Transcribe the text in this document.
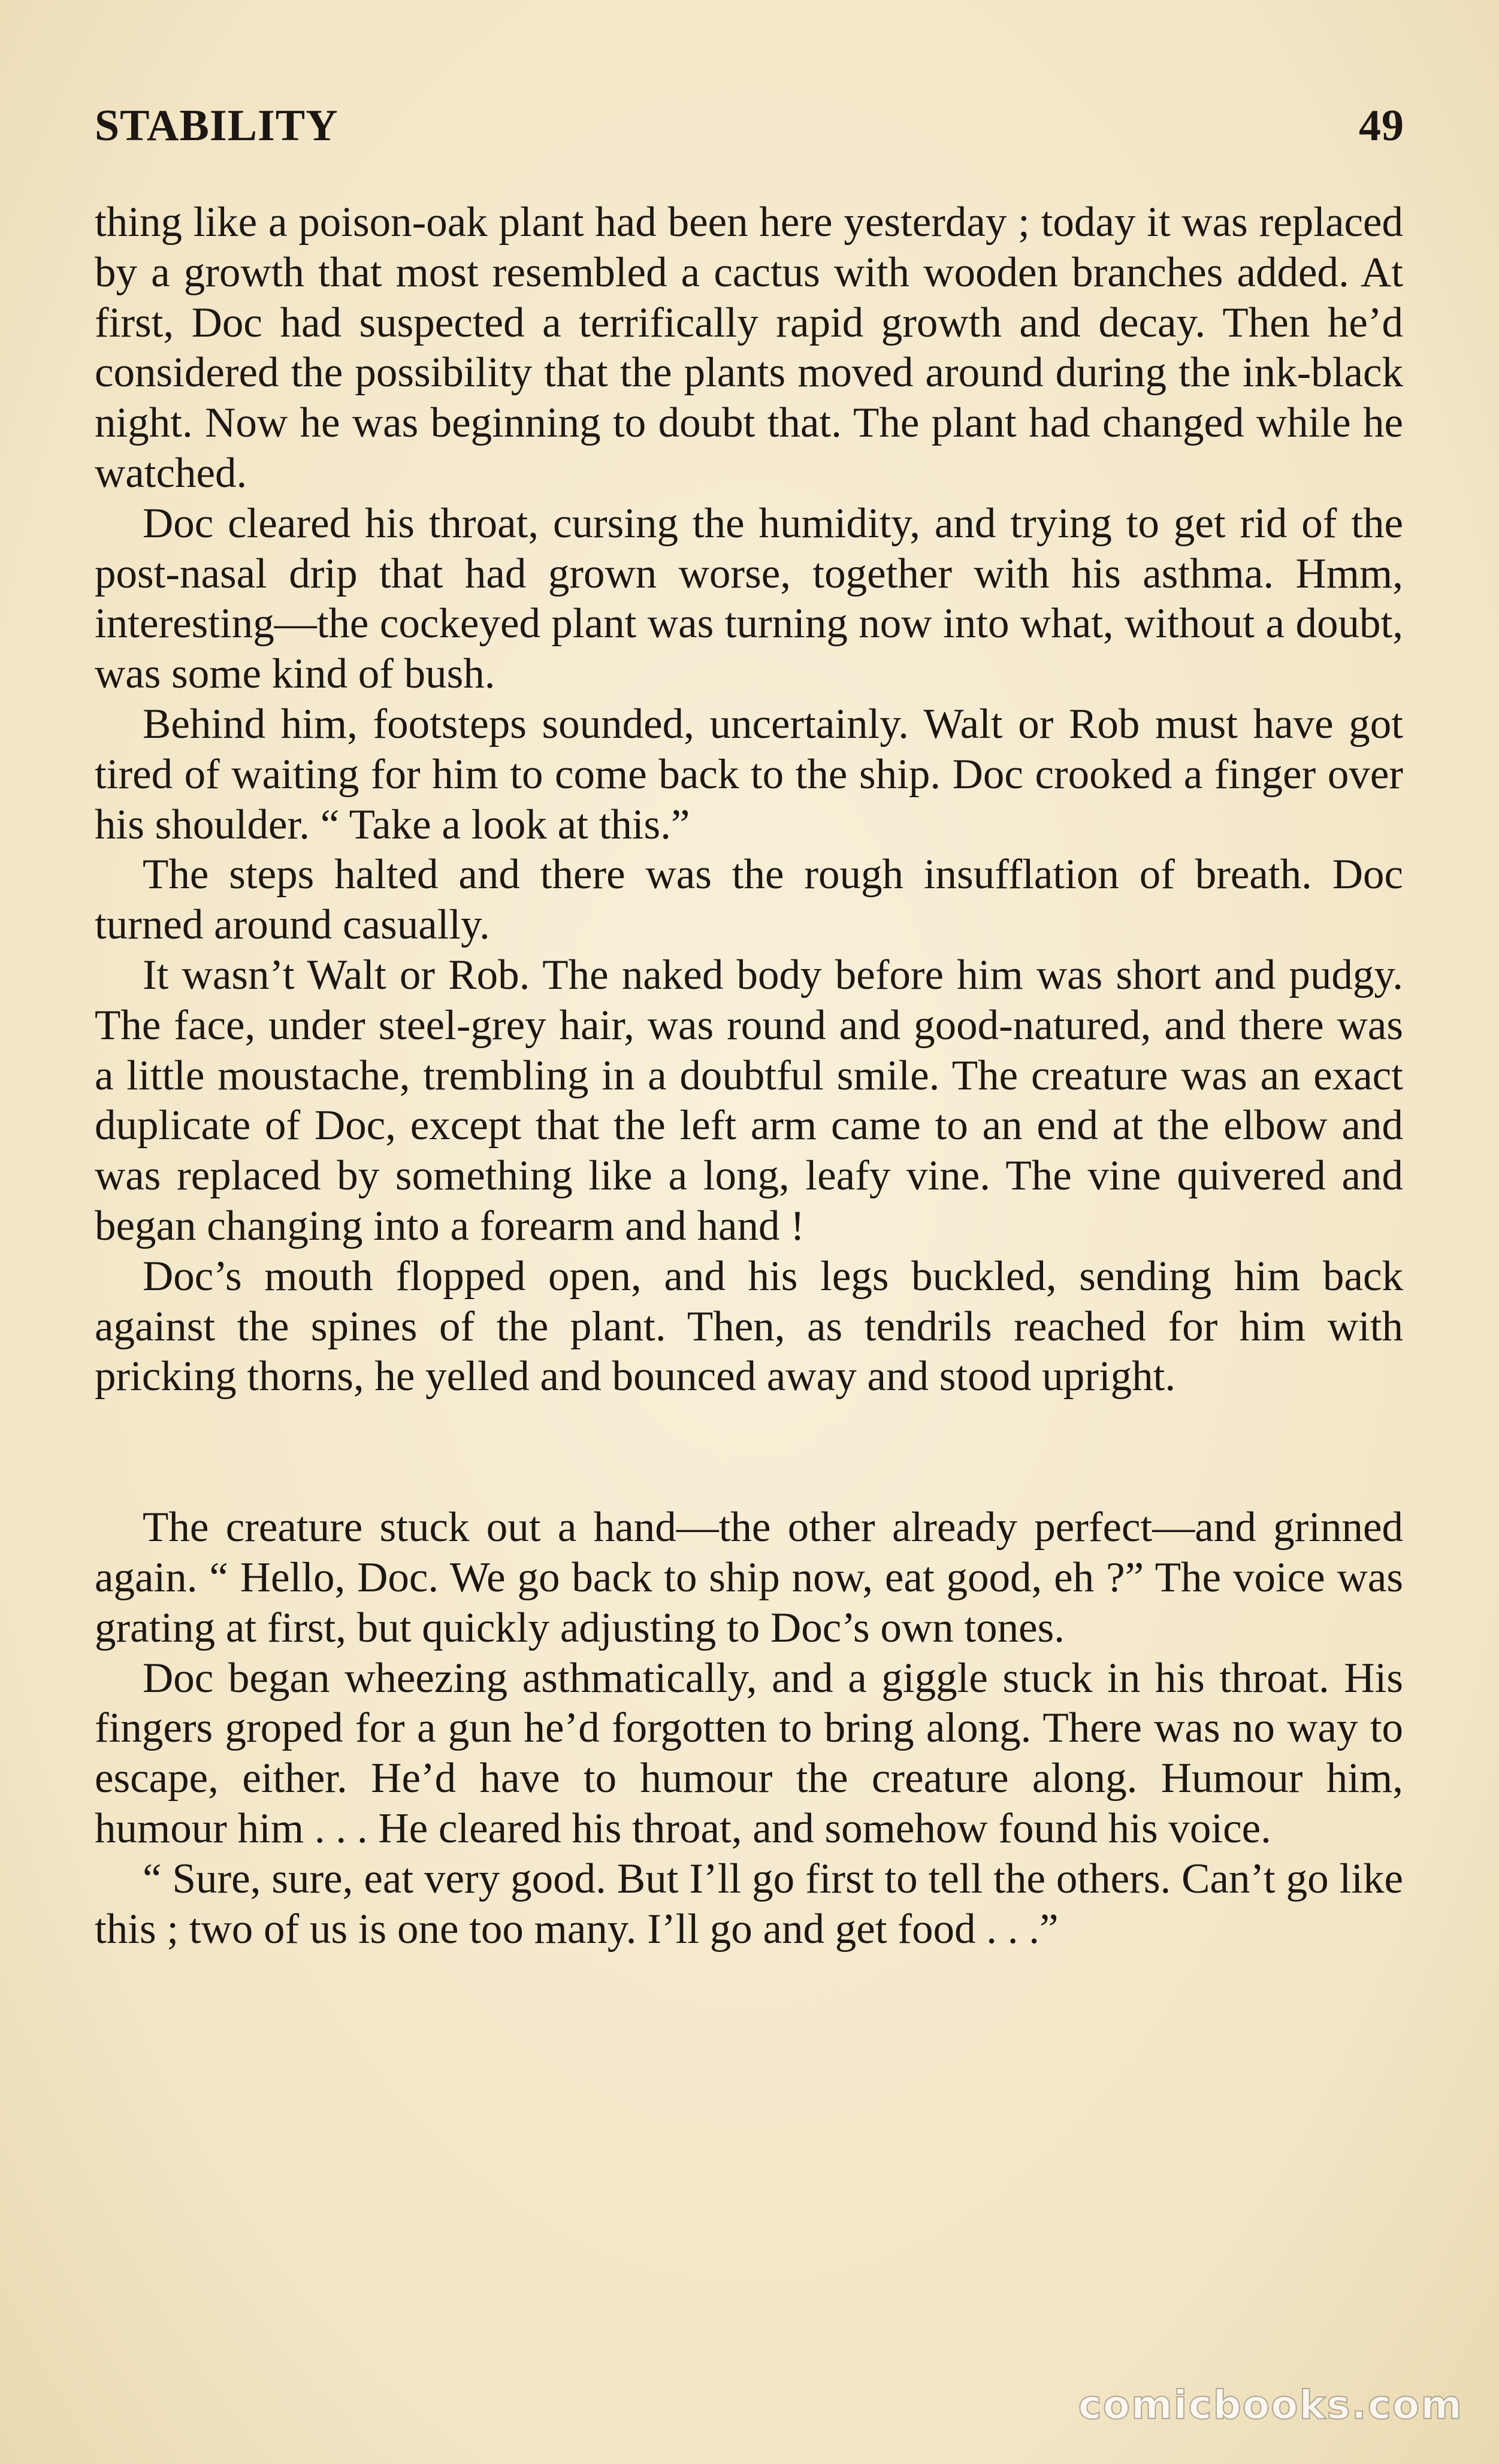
STABILITY	49

thing like a poison-oak plant had been here yesterday ; today it was replaced by a growth that most resembled a cactus with wooden branches added. At first, Doc had suspected a terrifically rapid growth and decay. Then he’d considered the possibility that the plants moved around during the ink-black night. Now he was beginning to doubt that. The plant had changed while he watched.

Doc cleared his throat, cursing the humidity, and trying to get rid of the post-nasal drip that had grown worse, together with his asthma. Hmm, interesting—the cockeyed plant was turning now into what, without a doubt, was some kind of bush.

Behind him, footsteps sounded, uncertainly. Walt or Rob must have got tired of waiting for him to come back to the ship. Doc crooked a finger over his shoulder. “ Take a look at this.”

The steps halted and there was the rough insufflation of breath. Doc turned around casually.

It wasn’t Walt or Rob. The naked body before him was short and pudgy. The face, under steel-grey hair, was round and good-natured, and there was a little moustache, trembling in a doubtful smile. The creature was an exact duplicate of Doc, except that the left arm came to an end at the elbow and was replaced by something like a long, leafy vine. The vine quivered and began changing into a forearm and hand !

Doc’s mouth flopped open, and his legs buckled, sending him back against the spines of the plant. Then, as tendrils reached for him with pricking thorns, he yelled and bounced away and stood upright.

The creature stuck out a hand—the other already perfect—and grinned again. “ Hello, Doc. We go back to ship now, eat good, eh ?” The voice was grating at first, but quickly adjusting to Doc’s own tones.

Doc began wheezing asthmatically, and a giggle stuck in his throat. His fingers groped for a gun he’d forgotten to bring along. There was no way to escape, either. He’d have to humour the creature along. Humour him, humour him . . . He cleared his throat, and somehow found his voice.

“ Sure, sure, eat very good. But I’ll go first to tell the others. Can’t go like this ; two of us is one too many. I’ll go and get food . . .”

comicbooks.com
